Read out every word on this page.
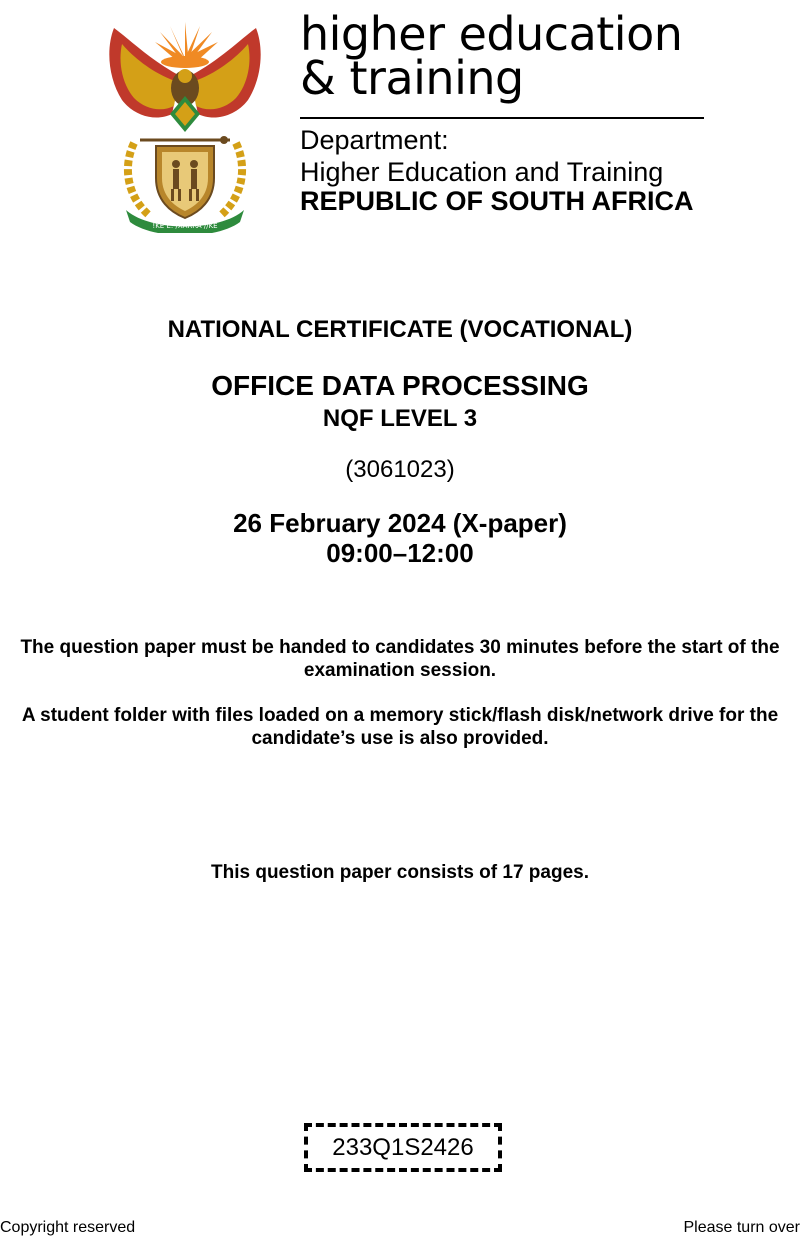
!KE E: /XARRA //KE
higher education
& training
Department:
Higher Education and Training
REPUBLIC OF SOUTH AFRICA
NATIONAL CERTIFICATE (VOCATIONAL)
OFFICE DATA PROCESSING
NQF LEVEL 3
(3061023)
26 February 2024 (X-paper)
09:00–12:00
The question paper must be handed to candidates 30 minutes before the start of the examination session.
A student folder with files loaded on a memory stick/flash disk/network drive for the candidate’s use is also provided.
This question paper consists of 17 pages.
233Q1S2426
Copyright reserved	Please turn over
